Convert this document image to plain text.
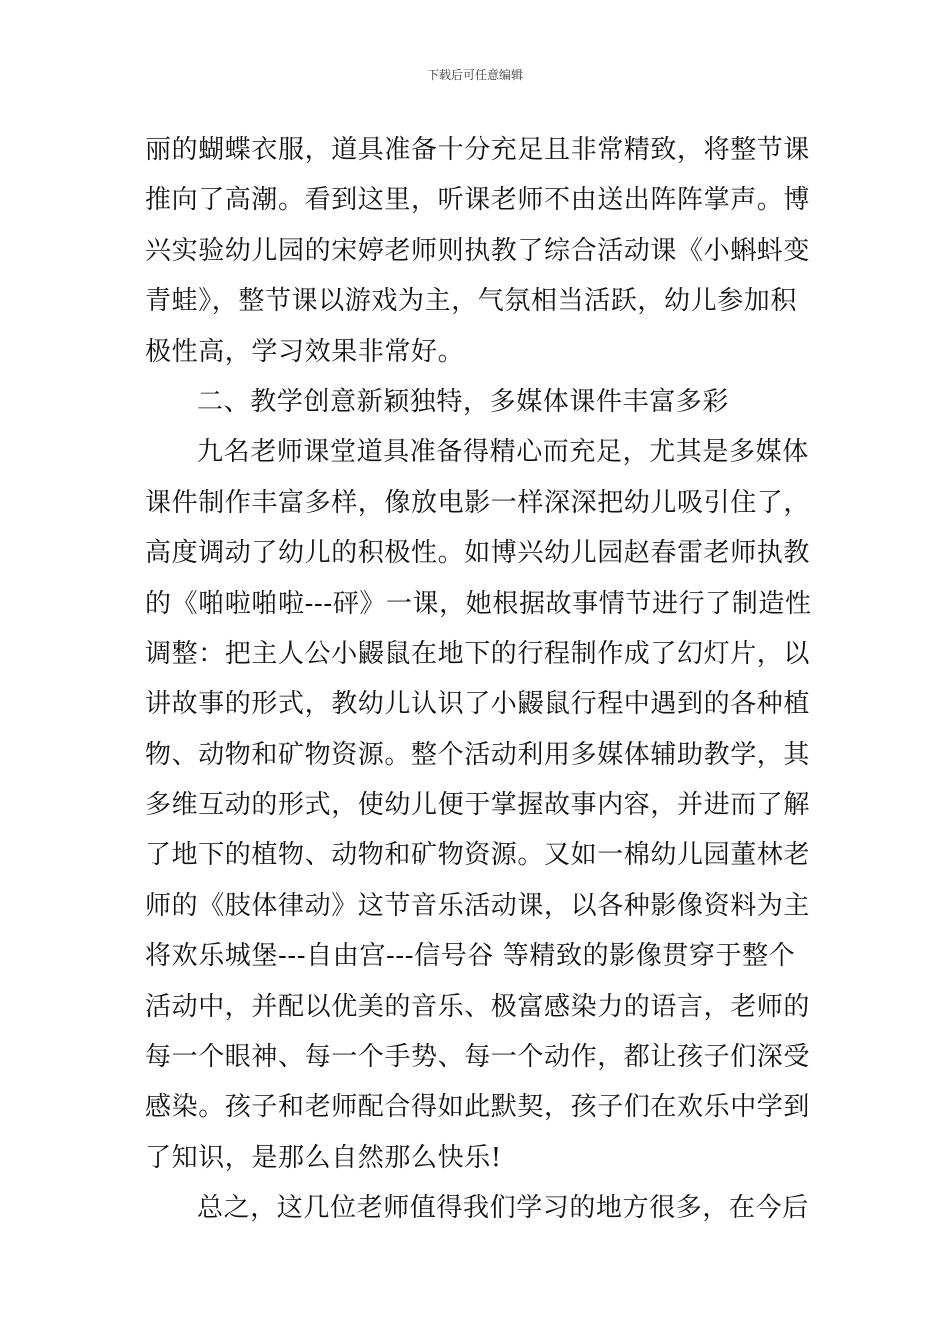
下载后可任意编辑
丽的蝴蝶衣服，道具准备十分充足且非常精致，将整节课
推向了高潮。看到这里，听课老师不由送出阵阵掌声。博
兴实验幼儿园的宋婷老师则执教了综合活动课《小蝌蚪变
青蛙》，整节课以游戏为主，气氛相当活跃，幼儿参加积
极性高，学习效果非常好。
二、教学创意新颖独特，多媒体课件丰富多彩
九名老师课堂道具准备得精心而充足，尤其是多媒体
课件制作丰富多样，像放电影一样深深把幼儿吸引住了，
高度调动了幼儿的积极性。如博兴幼儿园赵春雷老师执教
的《啪啦啪啦---砰》一课，她根据故事情节进行了制造性
调整：把主人公小鼹鼠在地下的行程制作成了幻灯片，以
讲故事的形式，教幼儿认识了小鼹鼠行程中遇到的各种植
物、动物和矿物资源。整个活动利用多媒体辅助教学，其
多维互动的形式，使幼儿便于掌握故事内容，并进而了解
了地下的植物、动物和矿物资源。又如一棉幼儿园董林老
师的《肢体律动》这节音乐活动课，以各种影像资料为主
将欢乐城堡---自由宫---信号谷 等精致的影像贯穿于整个
活动中，并配以优美的音乐、极富感染力的语言，老师的
每一个眼神、每一个手势、每一个动作，都让孩子们深受
感染。孩子和老师配合得如此默契，孩子们在欢乐中学到
了知识，是那么自然那么快乐!
总之，这几位老师值得我们学习的地方很多，在今后
